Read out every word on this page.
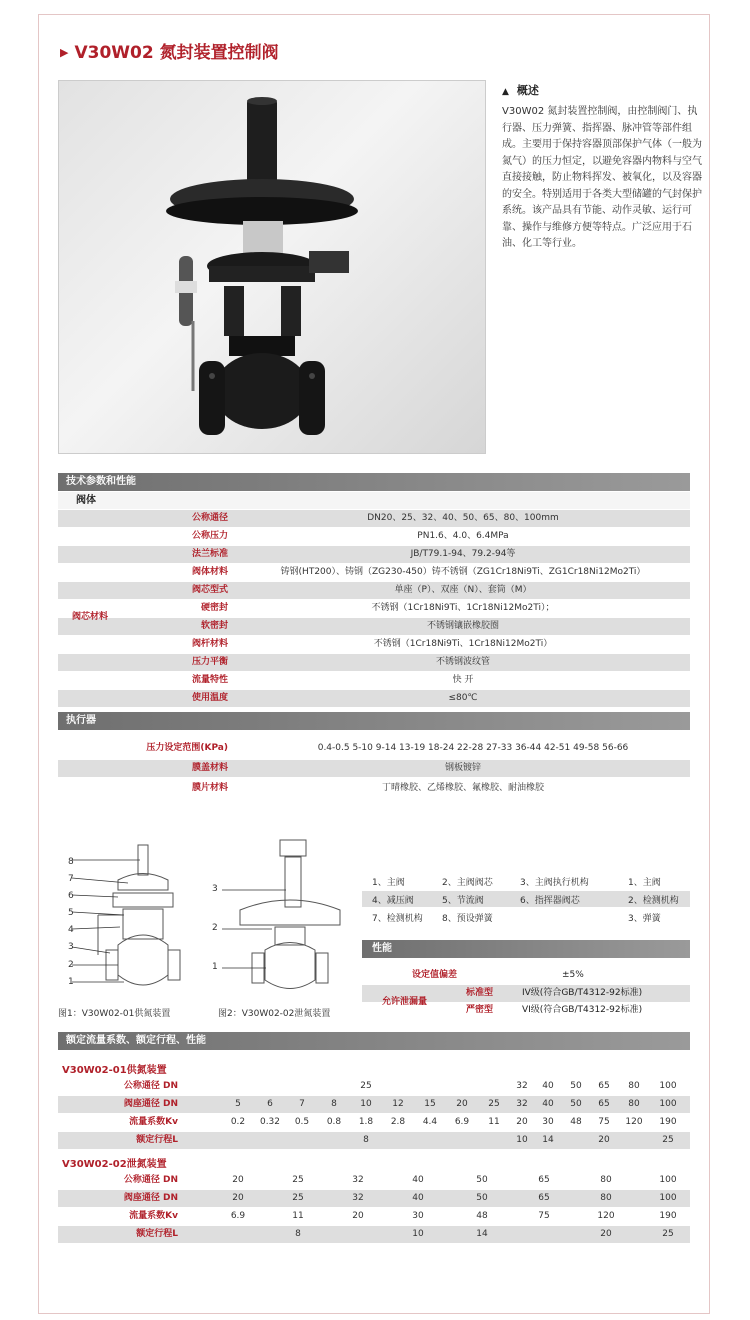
▶ V30W02 氮封装置控制阀
▲ 概述
V30W02 氮封装置控制阀，由控制阀门、执行器、压力弹簧、指挥器、脉冲管等部件组成。主要用于保持容器顶部保护气体（一般为氮气）的压力恒定，以避免容器内物料与空气直接接触，防止物料挥发、被氧化，以及容器的安全。特别适用于各类大型储罐的气封保护系统。该产品具有节能、动作灵敏、运行可靠、操作与维修方便等特点。广泛应用于石油、化工等行业。
技术参数和性能
阀体
公称通径	DN20、25、32、40、50、65、80、100mm
公称压力	PN1.6、4.0、6.4MPa
法兰标准	JB/T79.1-94、79.2-94等
阀体材料	铸钢(HT200）、铸钢（ZG230-450）铸不锈钢（ZG1Cr18Ni9Ti、ZG1Cr18Ni12Mo2Ti）
阀芯型式	单座（P）、双座（N）、套筒（M）
硬密封	不锈钢（1Cr18Ni9Ti、1Cr18Ni12Mo2Ti）；
软密封	不锈钢镶嵌橡胶圈
阀芯材料
阀杆材料	不锈钢（1Cr18Ni9Ti、1Cr18Ni12Mo2Ti）
压力平衡	不锈钢波纹管
流量特性	快 开
使用温度	≤80℃
执行器
压力设定范围(KPa)	0.4-0.5 5-10 9-14 13-19 18-24 22-28 27-33 36-44 42-51 49-58 56-66
膜盖材料	钢板镀锌
膜片材料	丁晴橡胶、乙烯橡胶、氟橡胶、耐油橡胶
8
7
6
5
4
3
2
1
图1：V30W02-01供氮装置
3
2
1
图2：V30W02-02泄氮装置
1、主阀	2、主阀阀芯	3、主阀执行机构	1、主阀
4、减压阀	5、节流阀	6、指挥器阀芯	2、检测机构
7、检测机构 8、预设弹簧	3、弹簧
性能
设定值偏差	±5%
标准型	IV级(符合GB/T4312-92标准)
严密型	VI级(符合GB/T4312-92标准)
允许泄漏量
额定流量系数、额定行程、性能
V30W02-01供氮装置
公称通径 DN	25	32	40	50	65	80	100
阀座通径 DN	5	6	7	8	10	12	15	20	25	32	40	50	65	80	100
流量系数Kv	0.2	0.32	0.5	0.8	1.8	2.8	4.4	6.9	11	20	30	48	75	120	190
额定行程L	8	10	14	20	25
V30W02-02泄氮装置
公称通径 DN	20	25	32	40	50	65	80	100
阀座通径 DN	20	25	32	40	50	65	80	100
流量系数Kv	6.9	11	20	30	48	75	120	190
额定行程L	8	10	14	20	25
